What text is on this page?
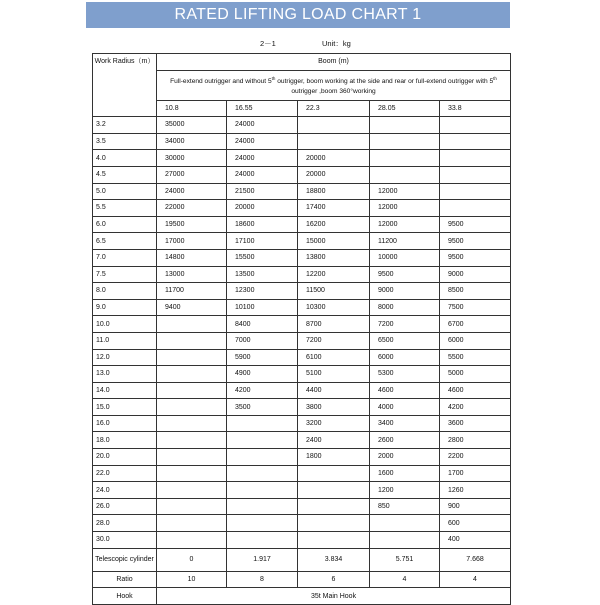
RATED LIFTING LOAD CHART 1
2－1	Unit：kg
Work Radius（m）	Boom (m)				
	Full-extend outrigger and without 5th outrigger, boom working at the side and rear or full-extend outrigger with 5th outrigger ,boom 360°working				
	10.8	16.55	22.3	28.05	33.8
3.2	35000	24000			
3.5	34000	24000			
4.0	30000	24000	20000		
4.5	27000	24000	20000		
5.0	24000	21500	18800	12000	
5.5	22000	20000	17400	12000	
6.0	19500	18600	16200	12000	9500
6.5	17000	17100	15000	11200	9500
7.0	14800	15500	13800	10000	9500
7.5	13000	13500	12200	9500	9000
8.0	11700	12300	11500	9000	8500
9.0	9400	10100	10300	8000	7500
10.0		8400	8700	7200	6700
11.0		7000	7200	6500	6000
12.0		5900	6100	6000	5500
13.0		4900	5100	5300	5000
14.0		4200	4400	4600	4600
15.0		3500	3800	4000	4200
16.0			3200	3400	3600
18.0			2400	2600	2800
20.0			1800	2000	2200
22.0				1600	1700
24.0				1200	1260
26.0				850	900
28.0					600
30.0					400
Telescopic cylinder	0	1.917	3.834	5.751	7.668
Ratio	10	8	6	4	4
Hook	35t Main Hook				
